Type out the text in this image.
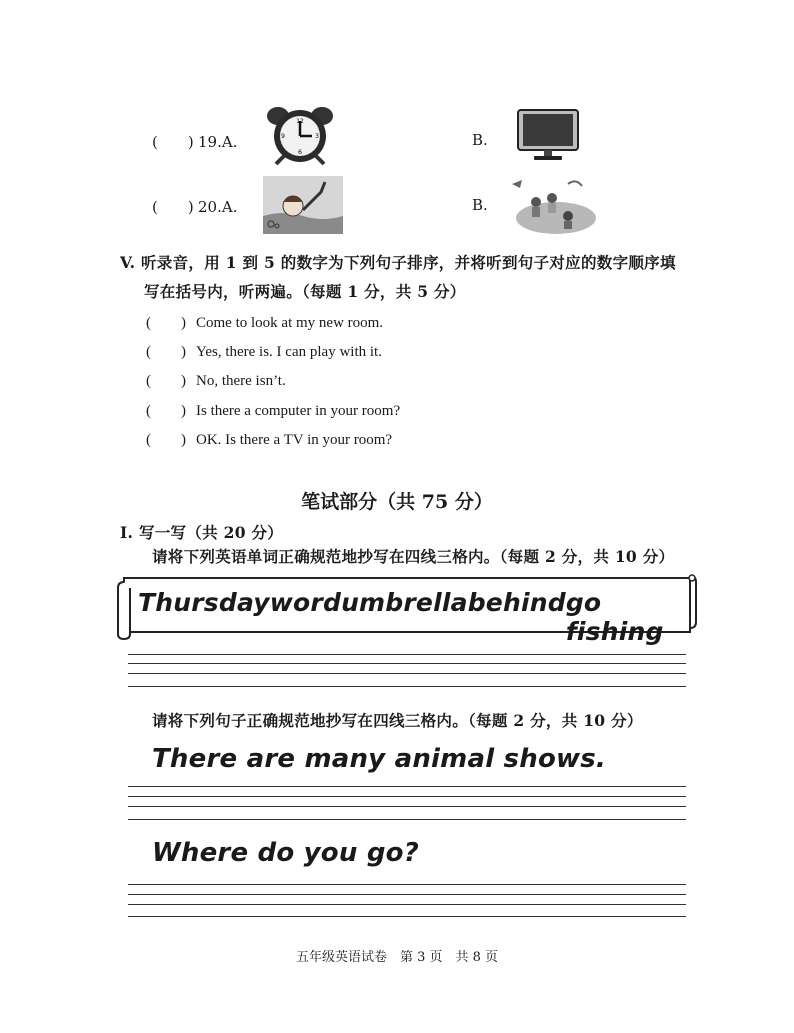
(　　) 19.A.
12
3
6
9	B.
(　　) 20.A.	B.
V. 听录音，用 1 到 5 的数字为下列句子排序，并将听到句子对应的数字顺序填
写在括号内，听两遍。（每题 1 分，共 5 分）
(　　) Come to look at my new room.
(　　) Yes, there is. I can play with it.
(　　) No, there isn’t.
(　　) Is there a computer in your room?
(　　) OK. Is there a TV in your room?
笔试部分（共 75 分）
Ⅰ. 写一写（共 20 分）
请将下列英语单词正确规范地抄写在四线三格内。（每题 2 分，共 10 分）
Thursday word umbrella behind go fishing
请将下列句子正确规范地抄写在四线三格内。（每题 2 分，共 10 分）
There are many animal shows.
Where do you go?
五年级英语试卷　第 3 页　共 8 页
